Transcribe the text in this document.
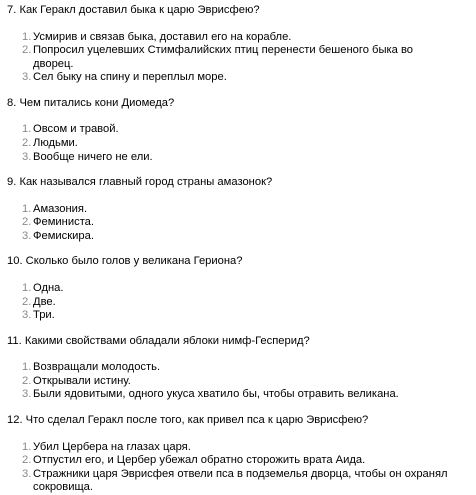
7. Как Геракл доставил быка к царю Эврисфею?

1. Усмирив и связав быка, доставил его на корабле.
2. Попросил уцелевших Стимфалийских птиц перенести бешеного быка во дворец.
3. Сел быку на спину и переплыл море.

8. Чем питались кони Диомеда?

1. Овсом и травой.
2. Людьми.
3. Вообще ничего не ели.

9. Как назывался главный город страны амазонок?

1. Амазония.
2. Феминиста.
3. Фемискира.

10. Сколько было голов у великана Гериона?

1. Одна.
2. Две.
3. Три.

11. Какими свойствами обладали яблоки нимф-Гесперид?

1. Возвращали молодость.
2. Открывали истину.
3. Были ядовитыми, одного укуса хватило бы, чтобы отравить великана.

12. Что сделал Геракл после того, как привел пса к царю Эврисфею?

1. Убил Цербера на глазах царя.
2. Отпустил его, и Цербер убежал обратно сторожить врата Аида.
3. Стражники царя Эврисфея отвели пса в подземелья дворца, чтобы он охранял сокровища.
